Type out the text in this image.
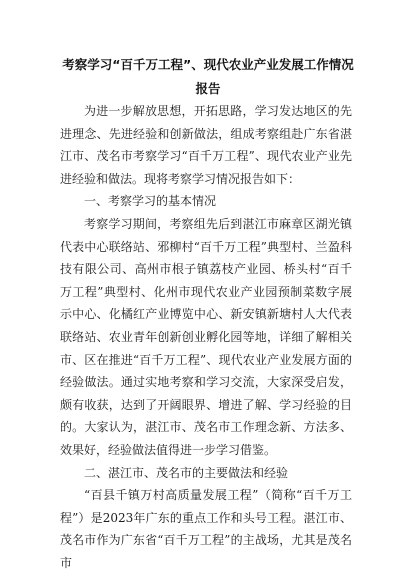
考察学习“百千万工程”、现代农业产业发展工作情况报告

为进一步解放思想，开拓思路，学习发达地区的先进理念、先进经验和创新做法，组成考察组赴广东省湛江市、茂名市考察学习“百千万工程”、现代农业产业先进经验和做法。现将考察学习情况报告如下：

一、考察学习的基本情况

考察学习期间，考察组先后到湛江市麻章区湖光镇代表中心联络站、邪柳村“百千万工程”典型村、兰盈科技有限公司、高州市根子镇荔枝产业园、桥头村“百千万工程”典型村、化州市现代农业产业园预制菜数字展示中心、化橘红产业博览中心、新安镇新塘村人大代表联络站、农业青年创新创业孵化园等地，详细了解相关市、区在推进“百千万工程”、现代农业产业发展方面的经验做法。通过实地考察和学习交流，大家深受启发，颇有收获，达到了开阔眼界、增进了解、学习经验的目的。大家认为，湛江市、茂名市工作理念新、方法多、效果好，经验做法值得进一步学习借鉴。

二、湛江市、茂名市的主要做法和经验

“百县千镇万村高质量发展工程”（简称“百千万工程”）是2023年广东的重点工作和头号工程。湛江市、茂名市作为广东省“百千万工程”的主战场，尤其是茂名市
